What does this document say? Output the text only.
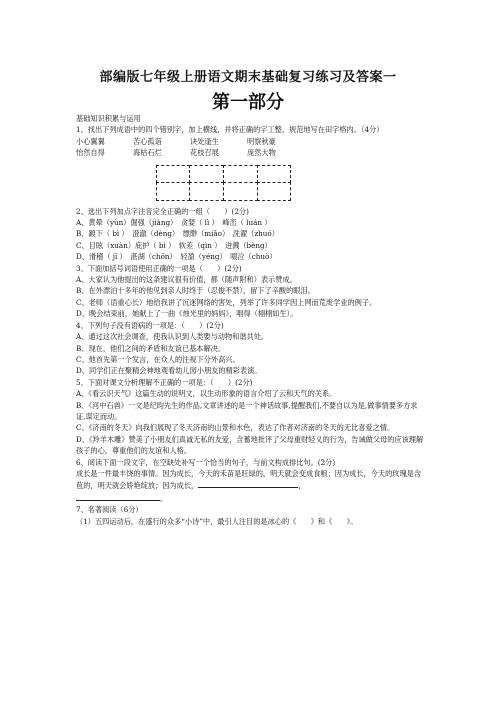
部编版七年级上册语文期末基础复习练习及答案一
第一部分
基础知识积累与运用
1、找出下列成语中的四个错别字，加上横线，并将正确的字工整、规范地写在田字格内。（4分）
小心翼翼	苦心孤诣	诀处逢生	明察秋豪
怡然自得	海枯石烂	花枝召展	庞然大物
2、选出下列加点字注音完全正确的一组（　　）(2分)
A、黄晕（yùn）倔强（jiàng）　贪婪（ lì ）　峰峦（ luán ）
B、踱下（ bì ）　澄澈（dèng）　缥缈（miǎo）　洗濯（zhuó）
C、目眩（xuàn）庇护（ bì ）　软差（qìn ）　迸溅（bèng）
D、滑稽（ jī ）　湛湖（chōn）　轻盈（yéng）　啜泣（chuò）
3、下面加括号词语使用正确的一项是（　　）(2分)
A、大家认为他提出的这条建议很有价值，都（随声附和）表示赞成。
B、在外漂泊十多年的他见到亲人时终于（忍俊不禁），留下了辛酸的眼泪。
C、老师（语重心长）地给我讲了沉迷网络的害处，列举了许多同学因上网而荒废学业的例子。
D、晚会结束前，她献上了一曲《烛光里的妈妈》，唱得（栩栩如生）。
4、下列句子没有语病的一项是：（　　）(2分)
A、通过这次社会调查，使我认识到人类要与动物和谐共处。
B、现在，他们之间的矛盾和友谊已基本解决。
C、他首先第一个发言，在众人的注视下分外高兴。
D、同学们正在聚精会神地观看幼儿园小朋友的精彩表演。
5、下面对课文分析理解不正确的一项是：（　　）(2分)
A、《看云识天气》这篇生动的说明文，以生动形象的语言介绍了云和天气的关系。
B、《河中石兽》一文是纪昀先生的作品,文章讲述的是一个神话故事,提醒我们,不要自以为是,做事情要多方求证,谋定而动。
C、《济南的冬天》向我们展现了冬天济南的山景和水色，表达了作者对济南的冬天的无比喜爱之情。
D、《羚羊木雕》赞美了小朋友们真诚无私的友爱，含蓄地批评了父母重财轻义的行为，告诫做父母的应该理解孩子的心，尊重他们的友谊和人格。
6、阅读下面一段文字，在空缺处补写一个恰当的句子，与前文构成排比句。(2分)
成长是一件最丰饶的事情。因为成长，今天的禾苗是旺绿的，明天就会变成食粮；因为成长，今天的玫瑰是含苞的，明天就会娇艳绽放；因为成长，	，
。
7、名著阅读（6分）
（1）五四运动后，在盛行的众多“小诗”中，最引人注目的是冰心的《　　》和《　　》。
